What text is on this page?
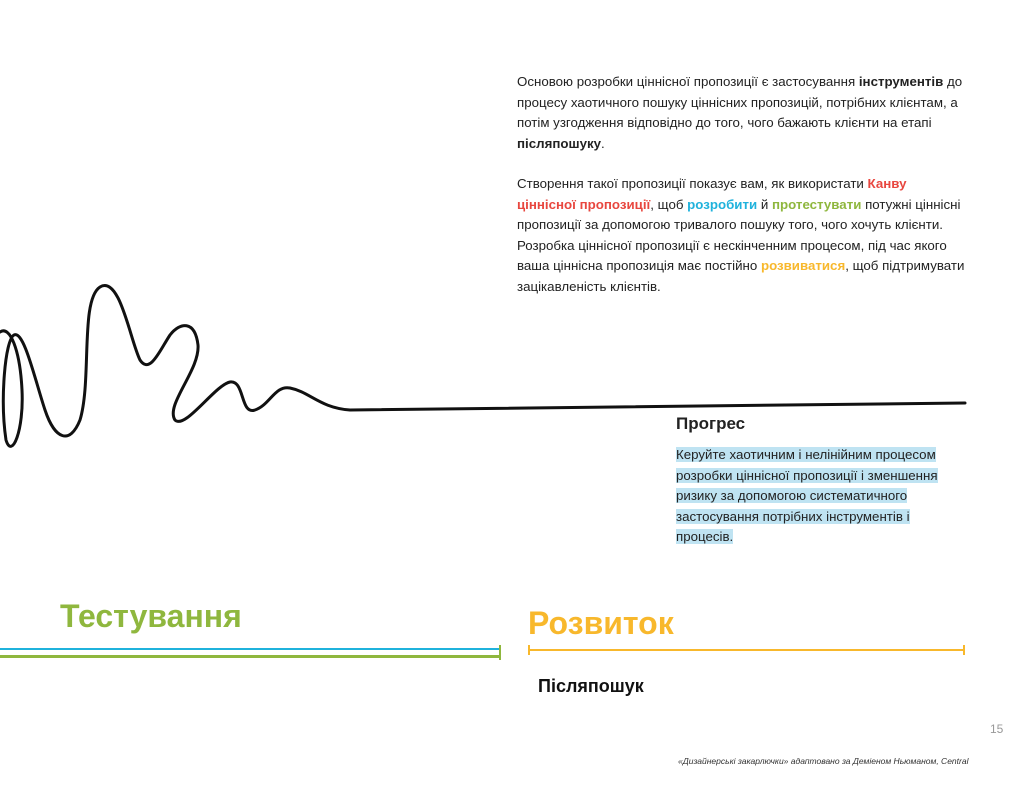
Основою розробки ціннісної пропозиції є застосування інструментів до процесу хаотичного пошуку ціннісних пропозицій, потрібних клієнтам, а потім узгодження відповідно до того, чого бажають клієнти на етапі післяпошуку.

Створення такої пропозиції показує вам, як використати Канву ціннісної пропозиції, щоб розробити й протестувати потужні ціннісні пропозиції за допомогою тривалого пошуку того, чого хочуть клієнти. Розробка ціннісної пропозиції є нескінченним процесом, під час якого ваша ціннісна пропозиція має постійно розвиватися, щоб підтримувати зацікавленість клієнтів.

Прогрес
Керуйте хаотичним і нелінійним процесом розробки ціннісної пропозиції і зменшення ризику за допомогою систематичного застосування потрібних інструментів і процесів.
Тестування	Розвиток
Післяпошук
15
«Дизайнерські закарлючки» адаптовано за Деміеном Ньюманом, Central
